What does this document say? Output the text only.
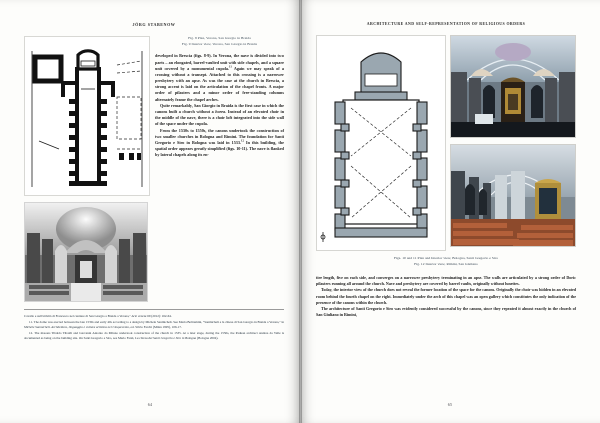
JÖRG STABENOW
Fig. 8 Plan, Verona, San Giorgio in Braida
Fig. 9 Interior view, Verona, San Giorgio in Braida

developed in Brescia (figs. 8-9). In Verona, the nave is divided into two parts – an elongated, barrel-vaulted unit with side chapels, and a square unit covered by a monumental cupola.$^{11}$ Again we may speak of a crossing without a transept. Attached to this crossing is a narrower presbytery with an apse. As was the case at the church in Brescia, a strong accent is laid on the articulation of the chapel fronts. A major order of pilasters and a minor order of free-standing columns alternately frame the chapel arches.

Quite remarkably, San Giorgio in Braida is the first case in which the canons built a church without a horea. Instead of an elevated choir in the middle of the nave, there is a choir loft integrated into the side wall of the space under the cupola.

From the 1530s to 1550s, the canons undertook the construction of two smaller churches in Bologna and Rimini. The foundation for Santi Gregorio e Siro in Bologna was laid in 1533.12 In this building, the spatial order appears greatly simplified (figs. 10-11). The nave is flanked by lateral chapels along its en-

Cavallo e sull'attività di Francesco nel cantiere di San Giorgio a Braida a Verona," Arte veneta 69 (2012): 162-64.

11. The dome was erected between the late 1530s and early 40s according to a design by Michele Sanmicheli. See Maria Beltramini, "Sanmicheli e la chiesa di San Giorgio in Braida a Verona," in Michele Sanmicheli. Architettura, linguaggio e cultura artistica nel Cinquecento, ed. Silvio Ferchi (Milan 1995), 106-17.

12. The masons Tibaldo Tibaldi and Giovanni Antonio da Milano undertook construction of the church in 1535. At a later stage, during the 1550s, the Paduan architect Andrea da Valle is documented as being on the building site. On Santi Gregorio e Siro, see Mario Fanti, La chiesa dei Santi Gregorio e Siro in Bologna (Bologna 2004).

64
ARCHITECTURE AND SELF-REPRESENTATION OF RELIGIOUS ORDERS
Figs. 10 and 11 Plan and Interior view, Bologna, Santi Gregorio e Siro
Fig. 12 Interior view, Rimini, San Giuliano

tire length, five on each side, and converges on a narrower presbytery terminating in an apse. The walls are articulated by a strong order of Doric pilasters running all around the church. Nave and presbytery are covered by barrel vaults, originally without lunettes.

Today, the interior view of the church does not reveal the former location of the space for the canons. Originally the choir was hidden in an elevated room behind the fourth chapel on the right. Immediately under the arch of this chapel was an open gallery which constitutes the only indication of the presence of the canons within the church.

The architecture of Santi Gregorio e Siro was evidently considered successful by the canons, since they repeated it almost exactly in the church of San Giuliano in Rimini,

65
